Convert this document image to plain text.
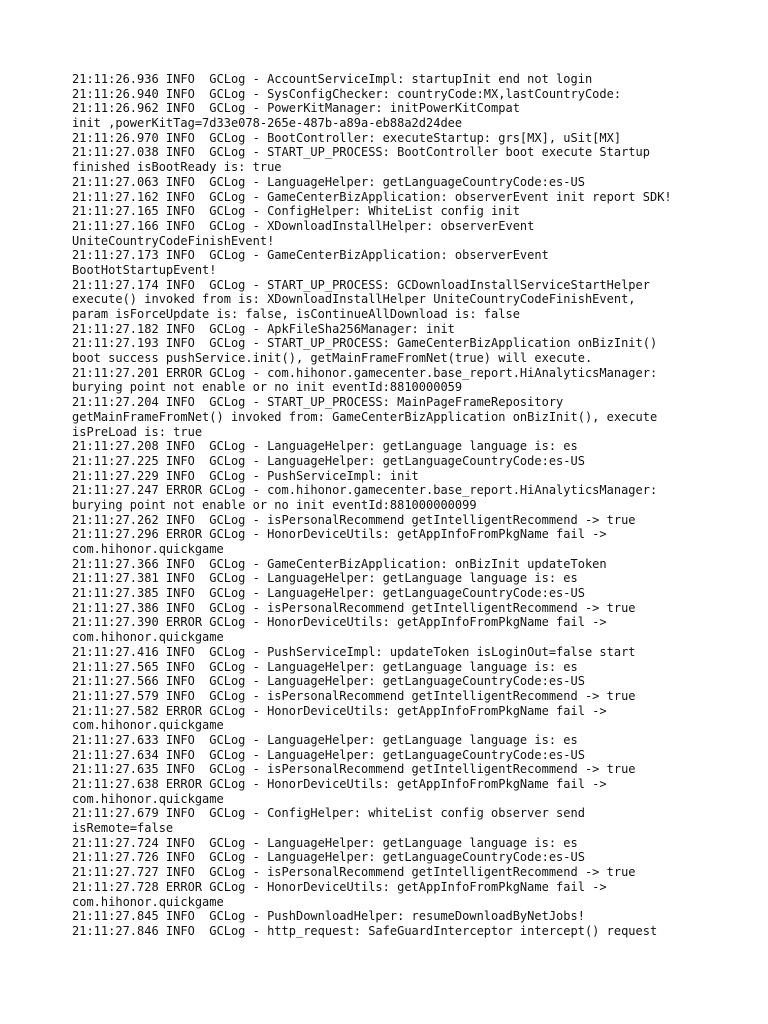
21:11:26.936 INFO  GCLog - AccountServiceImpl: startupInit end not login
21:11:26.940 INFO  GCLog - SysConfigChecker: countryCode:MX,lastCountryCode:
21:11:26.962 INFO  GCLog - PowerKitManager: initPowerKitCompat
init ,powerKitTag=7d33e078-265e-487b-a89a-eb88a2d24dee
21:11:26.970 INFO  GCLog - BootController: executeStartup: grs[MX], uSit[MX]
21:11:27.038 INFO  GCLog - START_UP_PROCESS: BootController boot execute Startup
finished isBootReady is: true
21:11:27.063 INFO  GCLog - LanguageHelper: getLanguageCountryCode:es-US
21:11:27.162 INFO  GCLog - GameCenterBizApplication: observerEvent init report SDK!
21:11:27.165 INFO  GCLog - ConfigHelper: WhiteList config init
21:11:27.166 INFO  GCLog - XDownloadInstallHelper: observerEvent
UniteCountryCodeFinishEvent!
21:11:27.173 INFO  GCLog - GameCenterBizApplication: observerEvent
BootHotStartupEvent!
21:11:27.174 INFO  GCLog - START_UP_PROCESS: GCDownloadInstallServiceStartHelper
execute() invoked from is: XDownloadInstallHelper UniteCountryCodeFinishEvent,
param isForceUpdate is: false, isContinueAllDownload is: false
21:11:27.182 INFO  GCLog - ApkFileSha256Manager: init
21:11:27.193 INFO  GCLog - START_UP_PROCESS: GameCenterBizApplication onBizInit()
boot success pushService.init(), getMainFrameFromNet(true) will execute.
21:11:27.201 ERROR GCLog - com.hihonor.gamecenter.base_report.HiAnalyticsManager:
burying point not enable or no init eventId:8810000059
21:11:27.204 INFO  GCLog - START_UP_PROCESS: MainPageFrameRepository
getMainFrameFromNet() invoked from: GameCenterBizApplication onBizInit(), execute
isPreLoad is: true
21:11:27.208 INFO  GCLog - LanguageHelper: getLanguage language is: es
21:11:27.225 INFO  GCLog - LanguageHelper: getLanguageCountryCode:es-US
21:11:27.229 INFO  GCLog - PushServiceImpl: init
21:11:27.247 ERROR GCLog - com.hihonor.gamecenter.base_report.HiAnalyticsManager:
burying point not enable or no init eventId:881000000099
21:11:27.262 INFO  GCLog - isPersonalRecommend getIntelligentRecommend -> true
21:11:27.296 ERROR GCLog - HonorDeviceUtils: getAppInfoFromPkgName fail ->
com.hihonor.quickgame
21:11:27.366 INFO  GCLog - GameCenterBizApplication: onBizInit updateToken
21:11:27.381 INFO  GCLog - LanguageHelper: getLanguage language is: es
21:11:27.385 INFO  GCLog - LanguageHelper: getLanguageCountryCode:es-US
21:11:27.386 INFO  GCLog - isPersonalRecommend getIntelligentRecommend -> true
21:11:27.390 ERROR GCLog - HonorDeviceUtils: getAppInfoFromPkgName fail ->
com.hihonor.quickgame
21:11:27.416 INFO  GCLog - PushServiceImpl: updateToken isLoginOut=false start
21:11:27.565 INFO  GCLog - LanguageHelper: getLanguage language is: es
21:11:27.566 INFO  GCLog - LanguageHelper: getLanguageCountryCode:es-US
21:11:27.579 INFO  GCLog - isPersonalRecommend getIntelligentRecommend -> true
21:11:27.582 ERROR GCLog - HonorDeviceUtils: getAppInfoFromPkgName fail ->
com.hihonor.quickgame
21:11:27.633 INFO  GCLog - LanguageHelper: getLanguage language is: es
21:11:27.634 INFO  GCLog - LanguageHelper: getLanguageCountryCode:es-US
21:11:27.635 INFO  GCLog - isPersonalRecommend getIntelligentRecommend -> true
21:11:27.638 ERROR GCLog - HonorDeviceUtils: getAppInfoFromPkgName fail ->
com.hihonor.quickgame
21:11:27.679 INFO  GCLog - ConfigHelper: whiteList config observer send
isRemote=false
21:11:27.724 INFO  GCLog - LanguageHelper: getLanguage language is: es
21:11:27.726 INFO  GCLog - LanguageHelper: getLanguageCountryCode:es-US
21:11:27.727 INFO  GCLog - isPersonalRecommend getIntelligentRecommend -> true
21:11:27.728 ERROR GCLog - HonorDeviceUtils: getAppInfoFromPkgName fail ->
com.hihonor.quickgame
21:11:27.845 INFO  GCLog - PushDownloadHelper: resumeDownloadByNetJobs!
21:11:27.846 INFO  GCLog - http_request: SafeGuardInterceptor intercept() request
